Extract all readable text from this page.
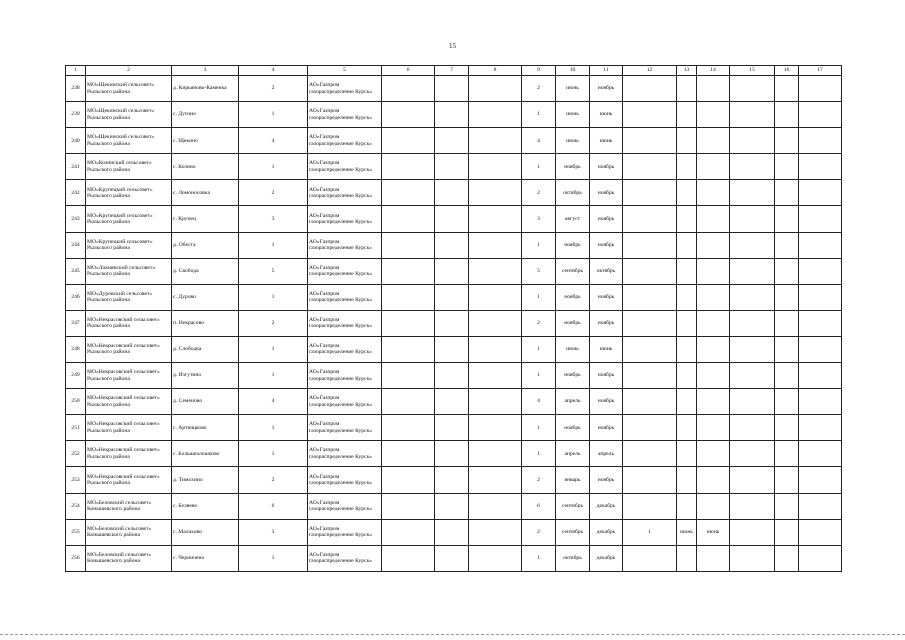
15
1	2	3	4	5	6	7	8	9	10	11	12	13	14	15	16	17
238	МО«Щекинский сельсовет» Рыльского района	д. Кирьяново-Каменка	2	АО«Газпром газораспределение Курск»				2	июнь	ноябрь						
239	МО«Щекинский сельсовет» Рыльского района	с. Дугино	1	АО«Газпром газораспределение Курск»				1	июнь	июнь						
240	МО«Щекинский сельсовет» Рыльского района	с. Щекино	4	АО«Газпром газораспределение Курск»				4	июнь	июнь						
241	МО«Козинский сельсовет» Рыльского района	с. Козино	1	АО«Газпром газораспределение Курск»				1	ноябрь	ноябрь						
242	МО«Крупецкий сельсовет» Рыльского района	с. Ломоносовка	2	АО«Газпром газораспределение Курск»				2	октябрь	ноябрь						
243	МО«Крупецкий сельсовет» Рыльского района	с. Крупец	3	АО«Газпром газораспределение Курск»				3	август	ноябрь						
244	МО«Крупецкий сельсовет» Рыльского района	д. Обеста	1	АО«Газпром газораспределение Курск»				1	ноябрь	ноябрь						
245	МО«Локнянский сельсовет» Рыльского района	д. Свобода	5	АО«Газпром газораспределение Курск»				5	сентябрь	октябрь						
246	МО«Дуровский сельсовет» Рыльского района	с. Дурово	1	АО«Газпром газораспределение Курск»				1	ноябрь	ноябрь						
247	МО«Некрасовский сельсовет» Рыльского района	п. Некрасово	2	АО«Газпром газораспределение Курск»				2	ноябрь	ноябрь						
248	МО«Некрасовский сельсовет» Рыльского района	д. Слободка	1	АО«Газпром газораспределение Курск»				1	июнь	июнь						
249	МО«Некрасовский сельсовет» Рыльского района	д. Изгутино	1	АО«Газпром газораспределение Курск»				1	ноябрь	ноябрь						
250	МО«Некрасовский сельсовет» Рыльского района	д. Семеново	4	АО«Газпром газораспределение Курск»				4	апрель	ноябрь						
251	МО«Некрасовский сельсовет» Рыльского района	с. Артющково	1	АО«Газпром газораспределение Курск»				1	ноябрь	ноябрь						
252	МО«Некрасовский сельсовет» Рыльского района	с. Большеалошково	1	АО«Газпром газораспределение Курск»				1	апрель	апрель						
253	МО«Некрасовский сельсовет» Рыльского района	д. Тимохино	2	АО«Газпром газораспределение Курск»				2	январь	ноябрь						
254	МО«Беловский сельсовет» Конышевского района	с. Беляево	6	АО«Газпром газораспределение Курск»				6	сентябрь	декабрь						
255	МО«Беловский сельсовет» Конышевского района	с. Малахово	3	АО«Газпром газораспределение Курск»				2	сентябрь	декабрь	1	июнь	июнь			
256	МО«Беловский сельсовет» Конышевского района	с. Черничено	1	АО«Газпром газораспределение Курск»				1	октябрь	декабрь						
